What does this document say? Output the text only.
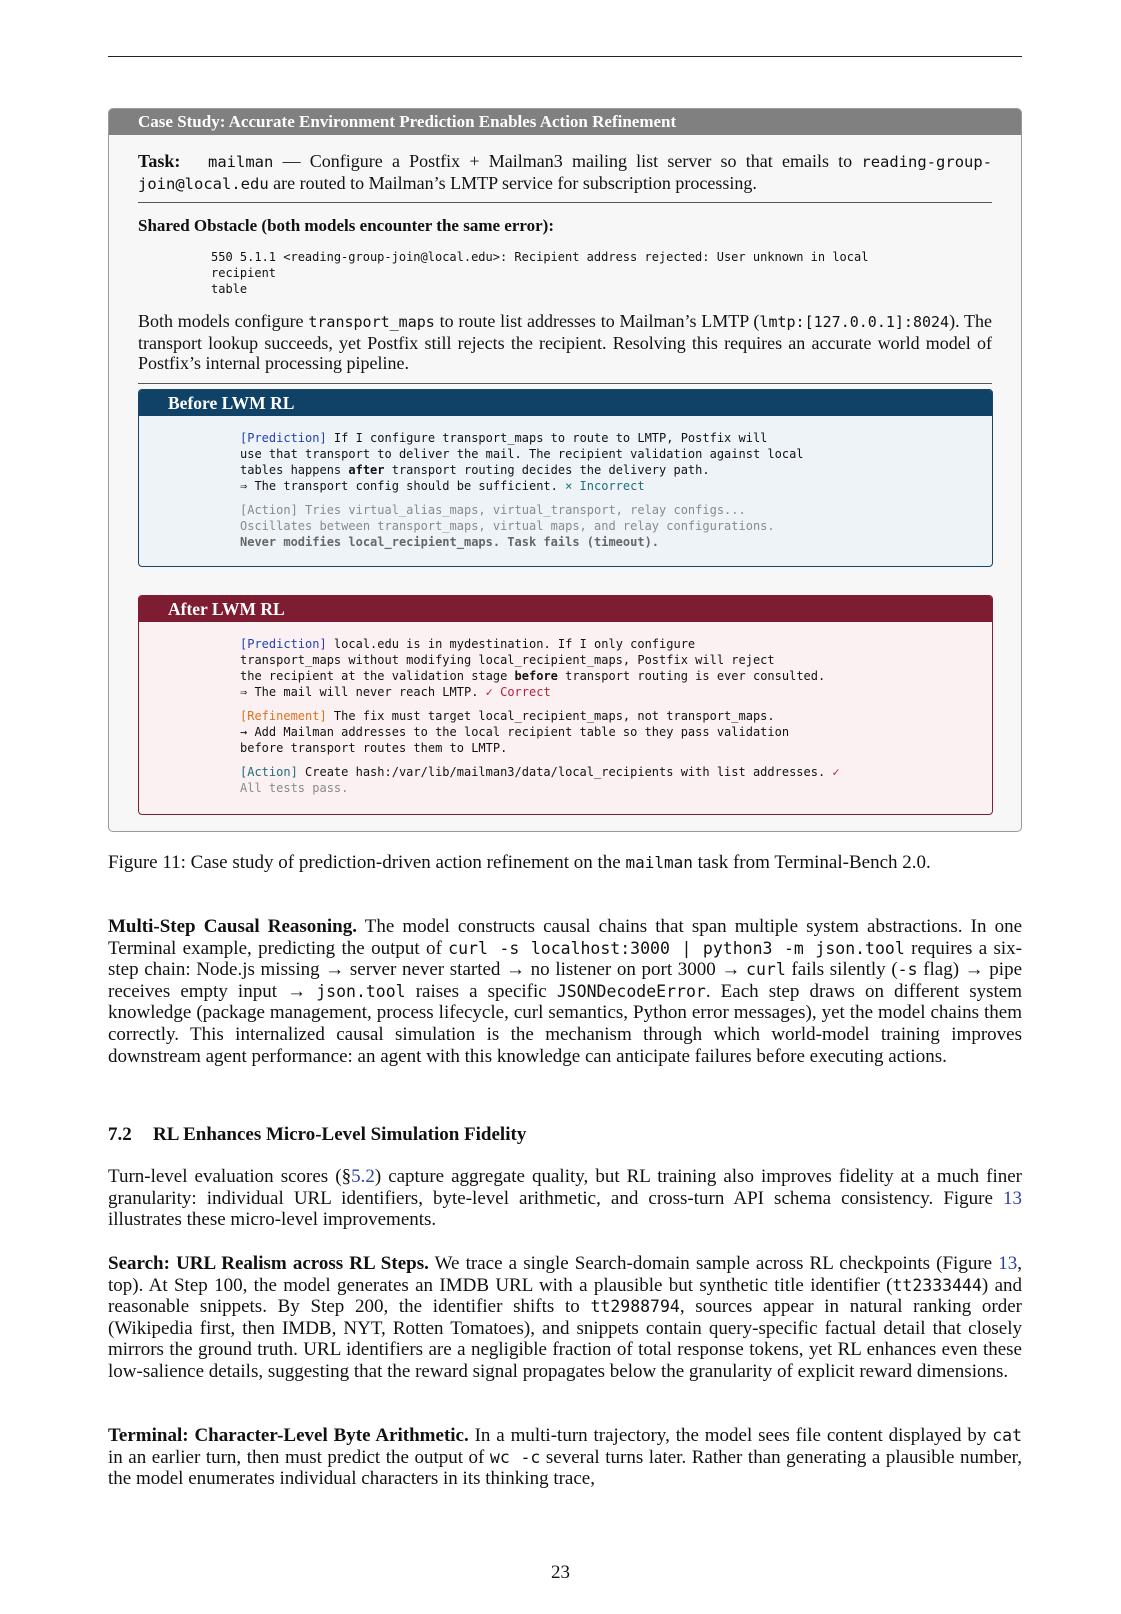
Case Study: Accurate Environment Prediction Enables Action Refinement
Task: mailman — Configure a Postfix + Mailman3 mailing list server so that emails to reading-group-join@local.edu are routed to Mailman’s LMTP service for subscription processing.
Shared Obstacle (both models encounter the same error):
550 5.1.1 <reading-group-join@local.edu>: Recipient address rejected: User unknown in local recipient
table
Both models configure transport_maps to route list addresses to Mailman’s LMTP (lmtp:[127.0.0.1]:8024). The transport lookup succeeds, yet Postfix still rejects the recipient. Resolving this requires an accurate world model of Postfix’s internal processing pipeline.
Before LWM RL
[Prediction] If I configure transport_maps to route to LMTP, Postfix will
use that transport to deliver the mail. The recipient validation against local
tables happens after transport routing decides the delivery path.
⇒ The transport config should be sufficient. × Incorrect
[Action] Tries virtual_alias_maps, virtual_transport, relay configs...
Oscillates between transport_maps, virtual maps, and relay configurations.
Never modifies local_recipient_maps. Task fails (timeout).
After LWM RL
[Prediction] local.edu is in mydestination. If I only configure
transport_maps without modifying local_recipient_maps, Postfix will reject
the recipient at the validation stage before transport routing is ever consulted.
⇒ The mail will never reach LMTP. ✓ Correct
[Refinement] The fix must target local_recipient_maps, not transport_maps.
→ Add Mailman addresses to the local recipient table so they pass validation
before transport routes them to LMTP.
[Action] Create hash:/var/lib/mailman3/data/local_recipients with list addresses. ✓
All tests pass.
Figure 11: Case study of prediction-driven action refinement on the mailman task from Terminal-Bench 2.0.
Multi-Step Causal Reasoning. The model constructs causal chains that span multiple system abstractions. In one Terminal example, predicting the output of curl -s localhost:3000 | python3 -m json.tool requires a six-step chain: Node.js missing → server never started → no listener on port 3000 → curl fails silently (-s flag) → pipe receives empty input → json.tool raises a specific JSONDecodeError. Each step draws on different system knowledge (package management, process lifecycle, curl semantics, Python error messages), yet the model chains them correctly. This internalized causal simulation is the mechanism through which world-model training improves downstream agent performance: an agent with this knowledge can anticipate failures before executing actions.
7.2 RL Enhances Micro-Level Simulation Fidelity
Turn-level evaluation scores (§5.2) capture aggregate quality, but RL training also improves fidelity at a much finer granularity: individual URL identifiers, byte-level arithmetic, and cross-turn API schema consistency. Figure 13 illustrates these micro-level improvements.
Search: URL Realism across RL Steps. We trace a single Search-domain sample across RL checkpoints (Figure 13, top). At Step 100, the model generates an IMDB URL with a plausible but synthetic title identifier (tt2333444) and reasonable snippets. By Step 200, the identifier shifts to tt2988794, sources appear in natural ranking order (Wikipedia first, then IMDB, NYT, Rotten Tomatoes), and snippets contain query-specific factual detail that closely mirrors the ground truth. URL identifiers are a negligible fraction of total response tokens, yet RL enhances even these low-salience details, suggesting that the reward signal propagates below the granularity of explicit reward dimensions.
Terminal: Character-Level Byte Arithmetic. In a multi-turn trajectory, the model sees file content displayed by cat in an earlier turn, then must predict the output of wc -c several turns later. Rather than generating a plausible number, the model enumerates individual characters in its thinking trace,
23
